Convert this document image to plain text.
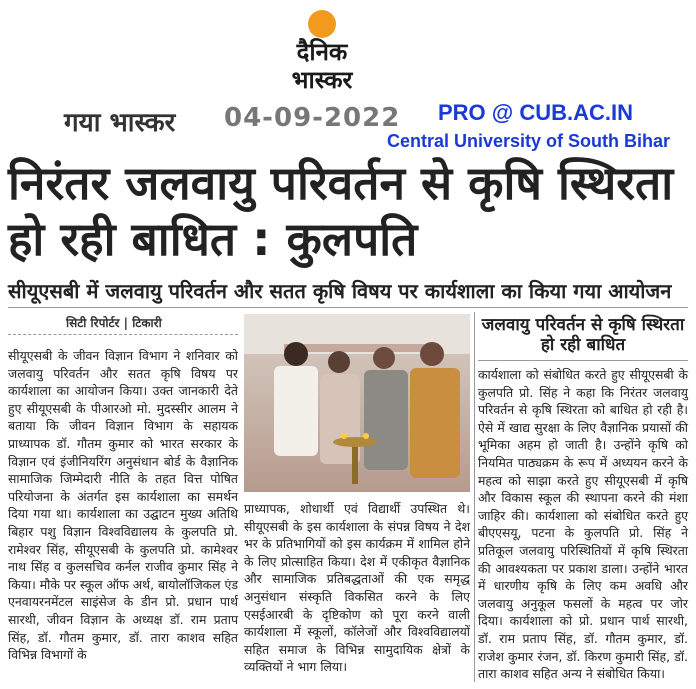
दैनिक
भास्कर
गया भास्कर 04-09-2022 PRO @ CUB.AC.IN
Central University of South Bihar
निरंतर जलवायु परिवर्तन से कृषि स्थिरता हो रही बाधित : कुलपति
सीयूएसबी में जलवायु परिवर्तन और सतत कृषि विषय पर कार्यशाला का किया गया आयोजन
सिटी रिपोर्टर | टिकारी
सीयूएसबी के जीवन विज्ञान विभाग ने शनिवार को जलवायु परिवर्तन और सतत कृषि विषय पर कार्यशाला का आयोजन किया। उक्त जानकारी देते हुए सीयूएसबी के पीआरओ मो. मुदस्सीर आलम ने बताया कि जीवन विज्ञान विभाग के सहायक प्राध्यापक डॉ. गौतम कुमार को भारत सरकार के विज्ञान एवं इंजीनियरिंग अनुसंधान बोर्ड के वैज्ञानिक सामाजिक जिम्मेदारी नीति के तहत वित्त पोषित परियोजना के अंतर्गत इस कार्यशाला का समर्थन दिया गया था। कार्यशाला का उद्घाटन मुख्य अतिथि बिहार पशु विज्ञान विश्वविद्यालय के कुलपति प्रो. रामेश्वर सिंह, सीयूएसबी के कुलपति प्रो. कामेश्वर नाथ सिंह व कुलसचिव कर्नल राजीव कुमार सिंह ने किया। मौके पर स्कूल ऑफ अर्थ, बायोलॉजिकल एंड एनवायरनमेंटल साइंसेज के डीन प्रो. प्रधान पार्थ सारथी, जीवन विज्ञान के अध्यक्ष डॉ. राम प्रताप सिंह, डॉ. गौतम कुमार, डॉ. तारा काशव सहित विभिन्न विभागों के
प्राध्यापक, शोधार्थी एवं विद्यार्थी उपस्थित थे। सीयूएसबी के इस कार्यशाला के संपन्न विषय ने देश भर के प्रतिभागियों को इस कार्यक्रम में शामिल होने के लिए प्रोत्साहित किया। देश में एकीकृत वैज्ञानिक और सामाजिक प्रतिबद्धताओं की एक समृद्ध अनुसंधान संस्कृति विकसित करने के लिए एसईआरबी के दृष्टिकोण को पूरा करने वाली कार्यशाला में स्कूलों, कॉलेजों और विश्वविद्यालयों सहित समाज के विभिन्न सामुदायिक क्षेत्रों के व्यक्तियों ने भाग लिया।
जलवायु परिवर्तन से कृषि स्थिरता हो रही बाधित
कार्यशाला को संबोधित करते हुए सीयूएसबी के कुलपति प्रो. सिंह ने कहा कि निरंतर जलवायु परिवर्तन से कृषि स्थिरता को बाधित हो रही है। ऐसे में खाद्य सुरक्षा के लिए वैज्ञानिक प्रयासों की भूमिका अहम हो जाती है। उन्होंने कृषि को नियमित पाठ्यक्रम के रूप में अध्ययन करने के महत्व को साझा करते हुए सीयूएसबी में कृषि और विकास स्कूल की स्थापना करने की मंशा जाहिर की। कार्यशाला को संबोधित करते हुए बीएएसयू, पटना के कुलपति प्रो. सिंह ने प्रतिकूल जलवायु परिस्थितियों में कृषि स्थिरता की आवश्यकता पर प्रकाश डाला। उन्होंने भारत में धारणीय कृषि के लिए कम अवधि और जलवायु अनुकूल फसलों के महत्व पर जोर दिया। कार्यशाला को प्रो. प्रधान पार्थ सारथी, डॉ. राम प्रताप सिंह, डॉ. गौतम कुमार, डॉ. राजेश कुमार रंजन, डॉ. किरण कुमारी सिंह, डॉ. तारा काशव सहित अन्य ने संबोधित किया।
